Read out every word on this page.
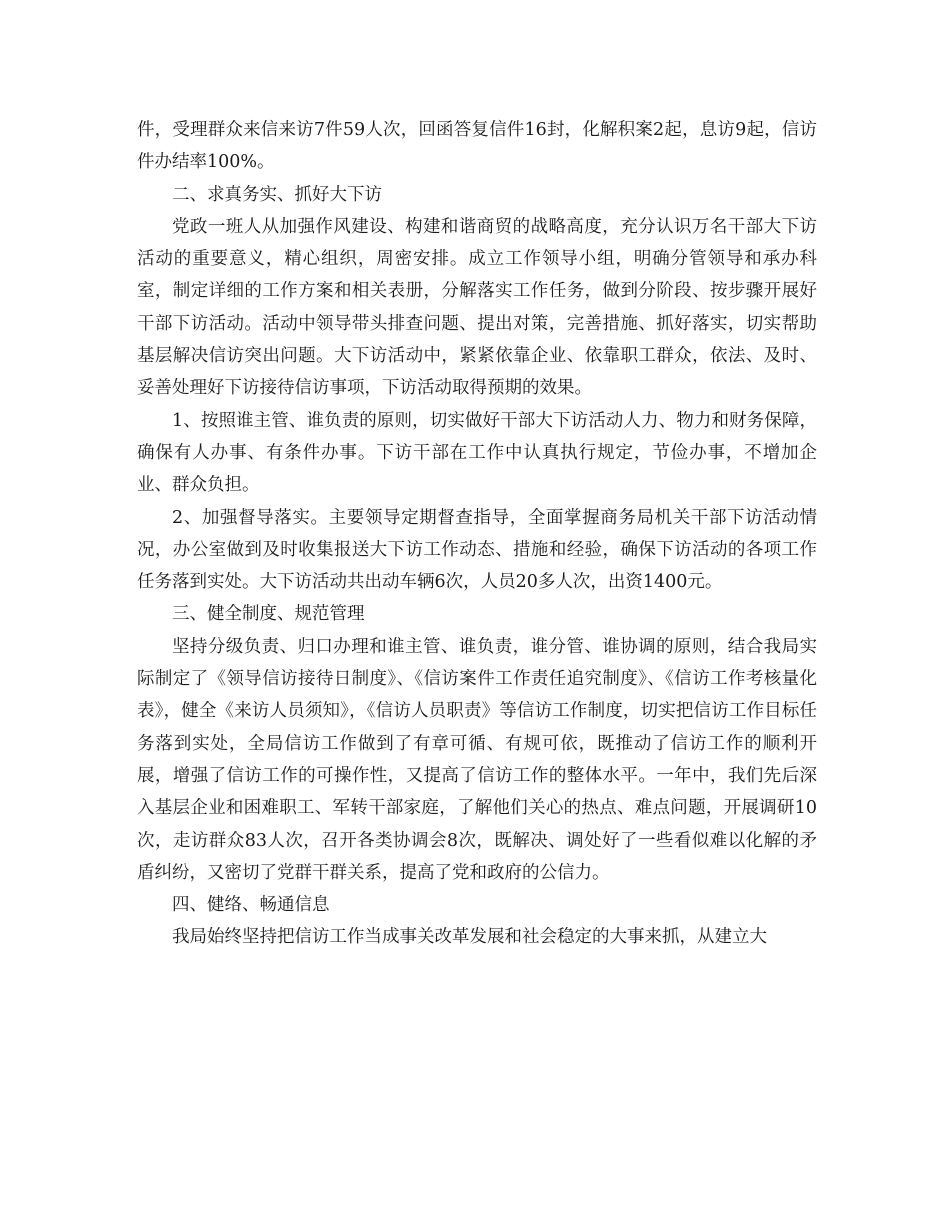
件，受理群众来信来访7件59人次，回函答复信件16封，化解积案2起，息访9起，信访件办结率100%。

二、求真务实、抓好大下访

党政一班人从加强作风建设、构建和谐商贸的战略高度，充分认识万名干部大下访活动的重要意义，精心组织，周密安排。成立工作领导小组，明确分管领导和承办科室，制定详细的工作方案和相关表册，分解落实工作任务，做到分阶段、按步骤开展好干部下访活动。活动中领导带头排查问题、提出对策，完善措施、抓好落实，切实帮助基层解决信访突出问题。大下访活动中，紧紧依靠企业、依靠职工群众，依法、及时、妥善处理好下访接待信访事项，下访活动取得预期的效果。

1、按照谁主管、谁负责的原则，切实做好干部大下访活动人力、物力和财务保障，确保有人办事、有条件办事。下访干部在工作中认真执行规定，节俭办事，不增加企业、群众负担。

2、加强督导落实。主要领导定期督查指导，全面掌握商务局机关干部下访活动情况，办公室做到及时收集报送大下访工作动态、措施和经验，确保下访活动的各项工作任务落到实处。大下访活动共出动车辆6次，人员20多人次，出资1400元。

三、健全制度、规范管理

坚持分级负责、归口办理和谁主管、谁负责，谁分管、谁协调的原则，结合我局实际制定了《领导信访接待日制度》、《信访案件工作责任追究制度》、《信访工作考核量化表》，健全《来访人员须知》，《信访人员职责》等信访工作制度，切实把信访工作目标任务落到实处，全局信访工作做到了有章可循、有规可依，既推动了信访工作的顺利开展，增强了信访工作的可操作性，又提高了信访工作的整体水平。一年中，我们先后深入基层企业和困难职工、军转干部家庭，了解他们关心的热点、难点问题，开展调研10次，走访群众83人次，召开各类协调会8次，既解决、调处好了一些看似难以化解的矛盾纠纷，又密切了党群干群关系，提高了党和政府的公信力。

四、健络、畅通信息

我局始终坚持把信访工作当成事关改革发展和社会稳定的大事来抓，从建立大
